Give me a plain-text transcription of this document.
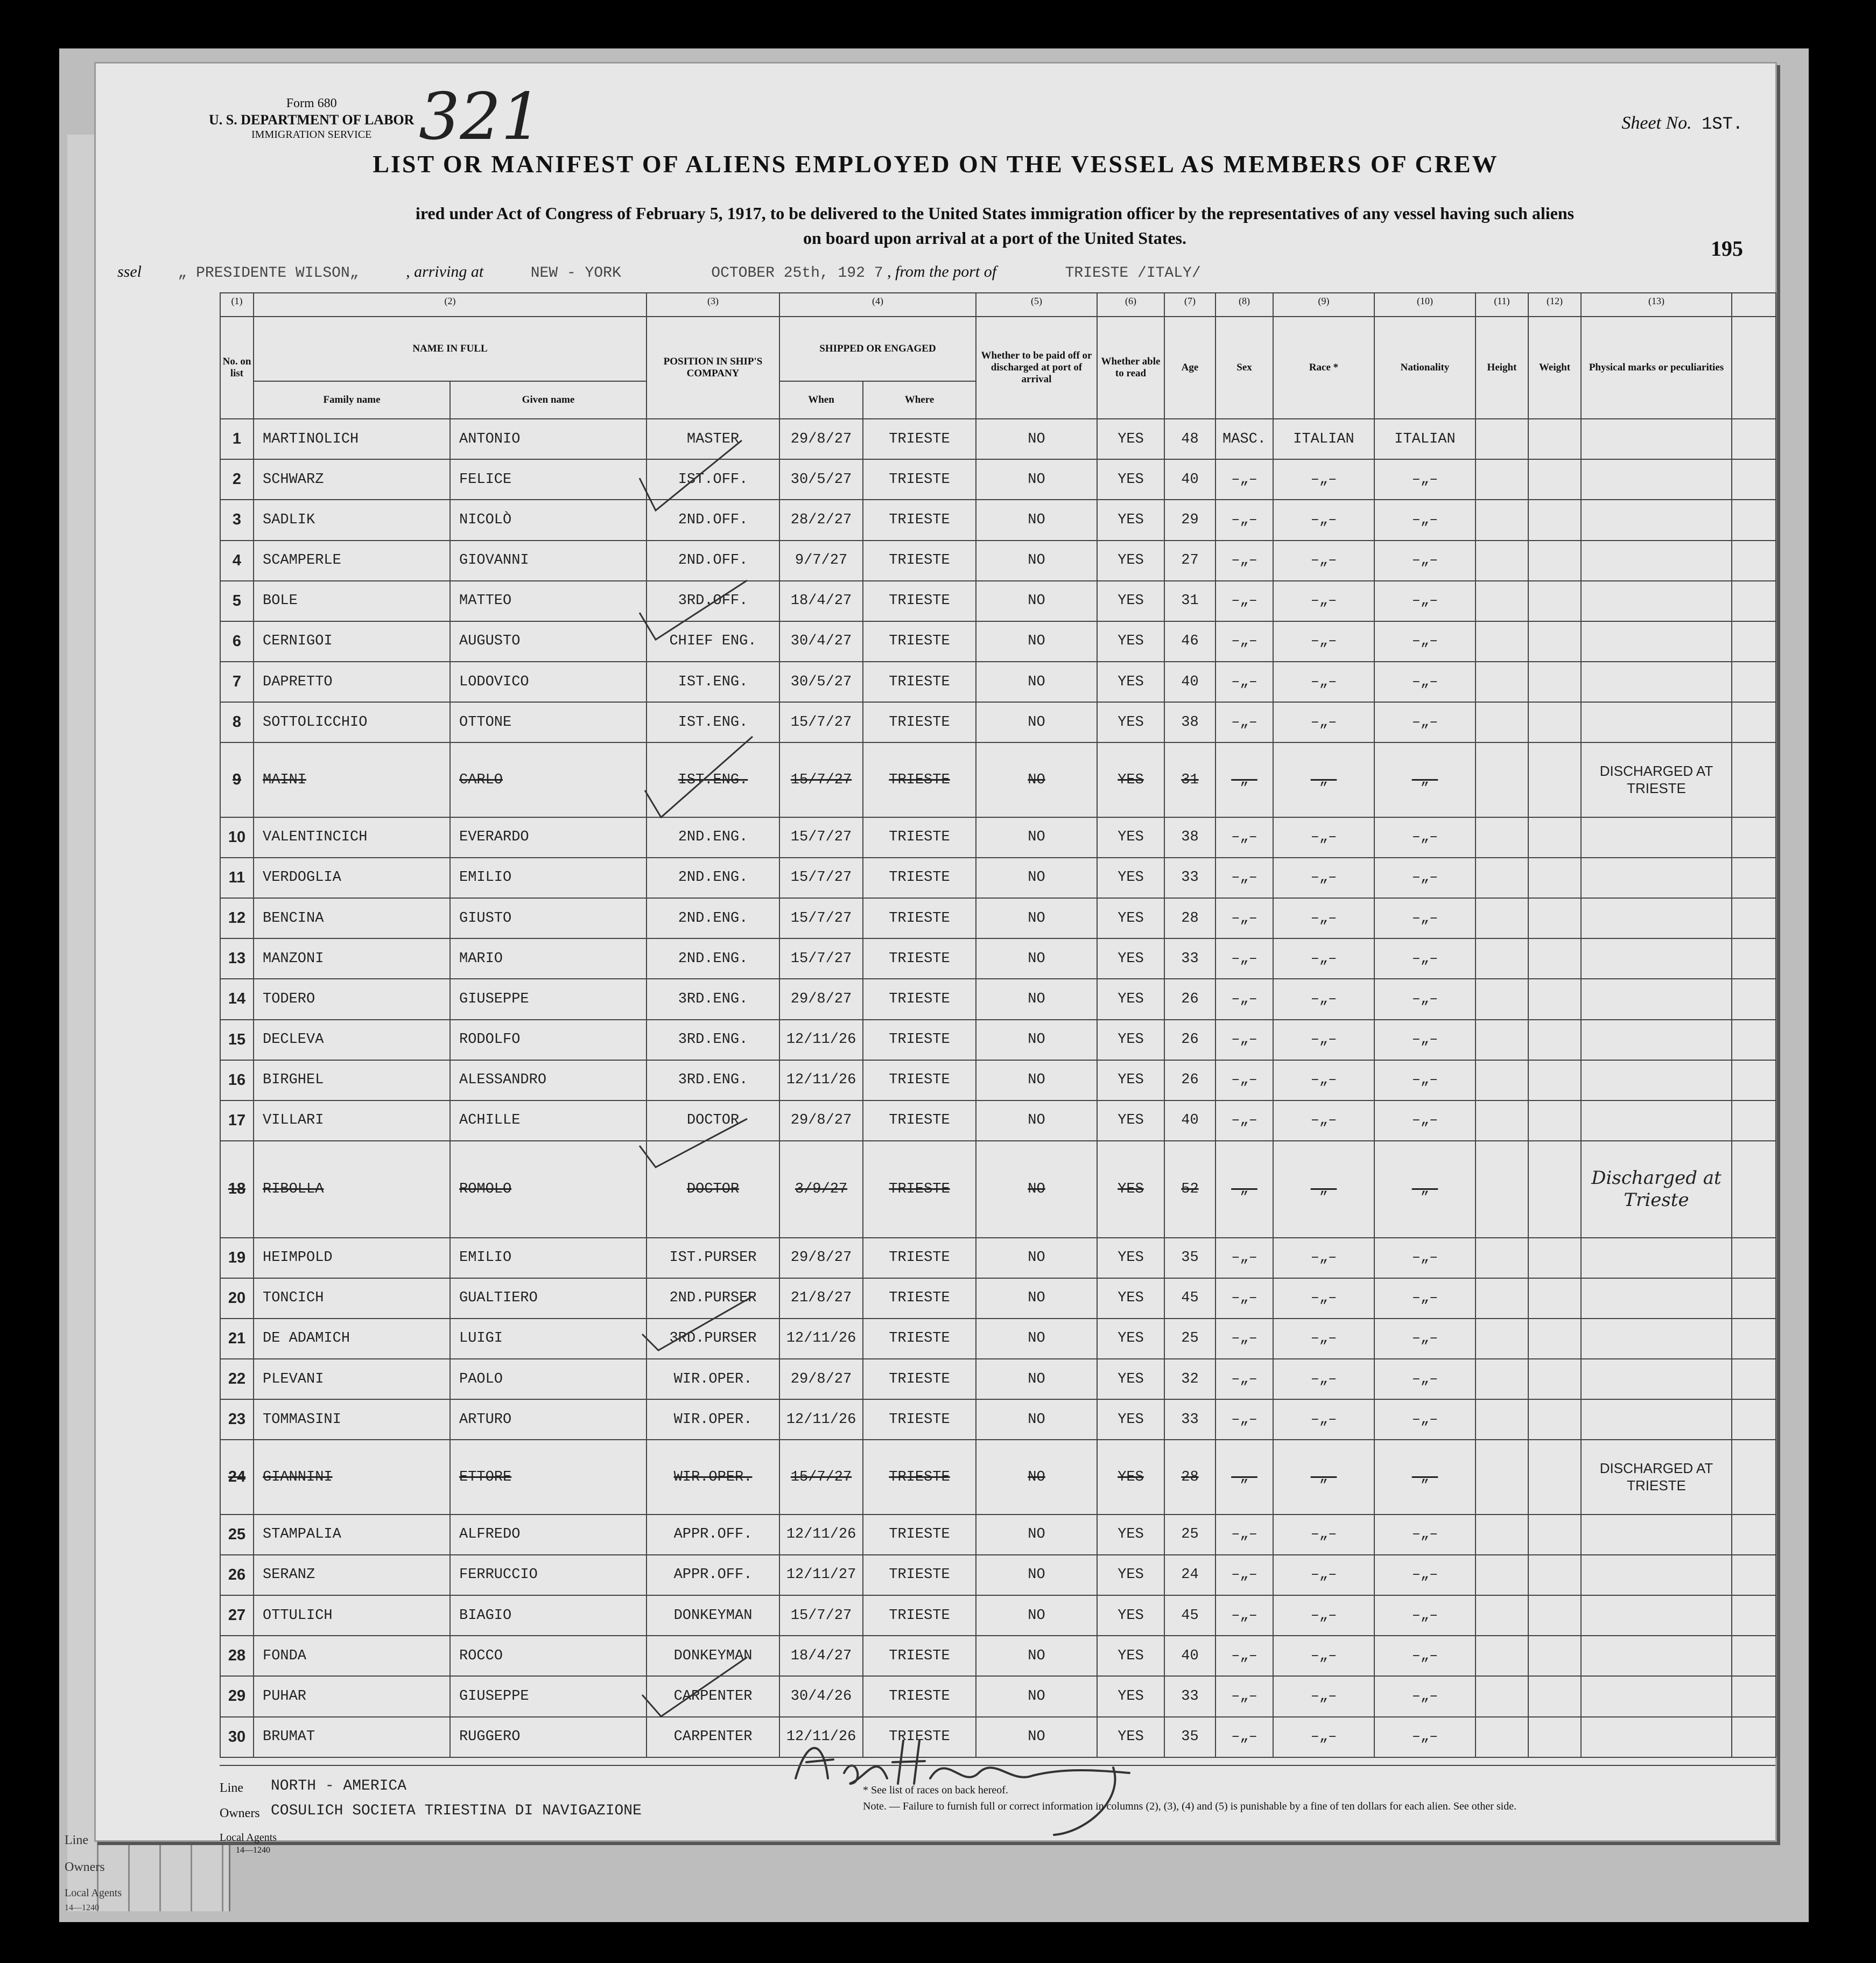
Line
Owners
Local Agents
14—1240
Form 680
U. S. DEPARTMENT OF LABOR
IMMIGRATION SERVICE 321	Sheet No. 1ST.
LIST OR MANIFEST OF ALIENS EMPLOYED ON THE VESSEL AS MEMBERS OF CREW
ired under Act of Congress of February 5, 1917, to be delivered to the United States immigration officer by the representatives of any vessel having such aliens
on board upon arrival at a port of the United States.	195
ssel „ PRESIDENTE WILSON„	, arriving at	NEW - YORK	OCTOBER 25th, 192 7 , from the port of	TRIESTE /ITALY/
(1)	(2)		(3)	(4)		(5)	(6)	(7)	(8)	(9)	(10)	(11)	(12)	(13)	
No. on list	NAME IN FULL		POSITION IN SHIP'S COMPANY	SHIPPED OR ENGAGED		Whether to be paid off or discharged at port of arrival	Whether able to read	Age	Sex	Race *	Nationality	Height	Weight	Physical marks or peculiarities	
	Family name	Given name		When	Where										
1	MARTINOLICH	ANTONIO	MASTER	29/8/27	TRIESTE	NO	YES	48	MASC.	ITALIAN	ITALIAN				
2	SCHWARZ	FELICE	IST.OFF.	30/5/27	TRIESTE	NO	YES	40	–„–	–„–	–„–				
3	SADLIK	NICOLÒ	2ND.OFF.	28/2/27	TRIESTE	NO	YES	29	–„–	–„–	–„–				
4	SCAMPERLE	GIOVANNI	2ND.OFF.	9/7/27	TRIESTE	NO	YES	27	–„–	–„–	–„–				
5	BOLE	MATTEO	3RD.OFF.	18/4/27	TRIESTE	NO	YES	31	–„–	–„–	–„–				
6	CERNIGOI	AUGUSTO	CHIEF ENG.	30/4/27	TRIESTE	NO	YES	46	–„–	–„–	–„–				
7	DAPRETTO	LODOVICO	IST.ENG.	30/5/27	TRIESTE	NO	YES	40	–„–	–„–	–„–				
8	SOTTOLICCHIO	OTTONE	IST.ENG.	15/7/27	TRIESTE	NO	YES	38	–„–	–„–	–„–				
9	MAINI	CARLO	IST.ENG.	15/7/27	TRIESTE	NO	YES	31	–„–	–„–	–„–			DISCHARGED AT TRIESTE	
10	VALENTINCICH	EVERARDO	2ND.ENG.	15/7/27	TRIESTE	NO	YES	38	–„–	–„–	–„–				
11	VERDOGLIA	EMILIO	2ND.ENG.	15/7/27	TRIESTE	NO	YES	33	–„–	–„–	–„–				
12	BENCINA	GIUSTO	2ND.ENG.	15/7/27	TRIESTE	NO	YES	28	–„–	–„–	–„–				
13	MANZONI	MARIO	2ND.ENG.	15/7/27	TRIESTE	NO	YES	33	–„–	–„–	–„–				
14	TODERO	GIUSEPPE	3RD.ENG.	29/8/27	TRIESTE	NO	YES	26	–„–	–„–	–„–				
15	DECLEVA	RODOLFO	3RD.ENG.	12/11/26	TRIESTE	NO	YES	26	–„–	–„–	–„–				
16	BIRGHEL	ALESSANDRO	3RD.ENG.	12/11/26	TRIESTE	NO	YES	26	–„–	–„–	–„–				
17	VILLARI	ACHILLE	DOCTOR	29/8/27	TRIESTE	NO	YES	40	–„–	–„–	–„–				
18	RIBOLLA	ROMOLO	DOCTOR	3/9/27	TRIESTE	NO	YES	52	–„–	–„–	–„–			Discharged at Trieste	
19	HEIMPOLD	EMILIO	IST.PURSER	29/8/27	TRIESTE	NO	YES	35	–„–	–„–	–„–				
20	TONCICH	GUALTIERO	2ND.PURSER	21/8/27	TRIESTE	NO	YES	45	–„–	–„–	–„–				
21	DE ADAMICH	LUIGI	3RD.PURSER	12/11/26	TRIESTE	NO	YES	25	–„–	–„–	–„–				
22	PLEVANI	PAOLO	WIR.OPER.	29/8/27	TRIESTE	NO	YES	32	–„–	–„–	–„–				
23	TOMMASINI	ARTURO	WIR.OPER.	12/11/26	TRIESTE	NO	YES	33	–„–	–„–	–„–				
24	GIANNINI	ETTORE	WIR.OPER.	15/7/27	TRIESTE	NO	YES	28	–„–	–„–	–„–			DISCHARGED AT TRIESTE	
25	STAMPALIA	ALFREDO	APPR.OFF.	12/11/26	TRIESTE	NO	YES	25	–„–	–„–	–„–				
26	SERANZ	FERRUCCIO	APPR.OFF.	12/11/27	TRIESTE	NO	YES	24	–„–	–„–	–„–				
27	OTTULICH	BIAGIO	DONKEYMAN	15/7/27	TRIESTE	NO	YES	45	–„–	–„–	–„–				
28	FONDA	ROCCO	DONKEYMAN	18/4/27	TRIESTE	NO	YES	40	–„–	–„–	–„–				
29	PUHAR	GIUSEPPE	CARPENTER	30/4/26	TRIESTE	NO	YES	33	–„–	–„–	–„–				
30	BRUMAT	RUGGERO	CARPENTER	12/11/26	TRIESTE	NO	YES	35	–„–	–„–	–„–				
Line NORTH - AMERICA
Owners COSULICH SOCIETA TRIESTINA DI NAVIGAZIONE
Local Agents
14—1240
* See list of races on back hereof.
Note. — Failure to furnish full or correct information in columns (2), (3), (4) and (5) is punishable by a fine of ten dollars for each alien. See other side.
